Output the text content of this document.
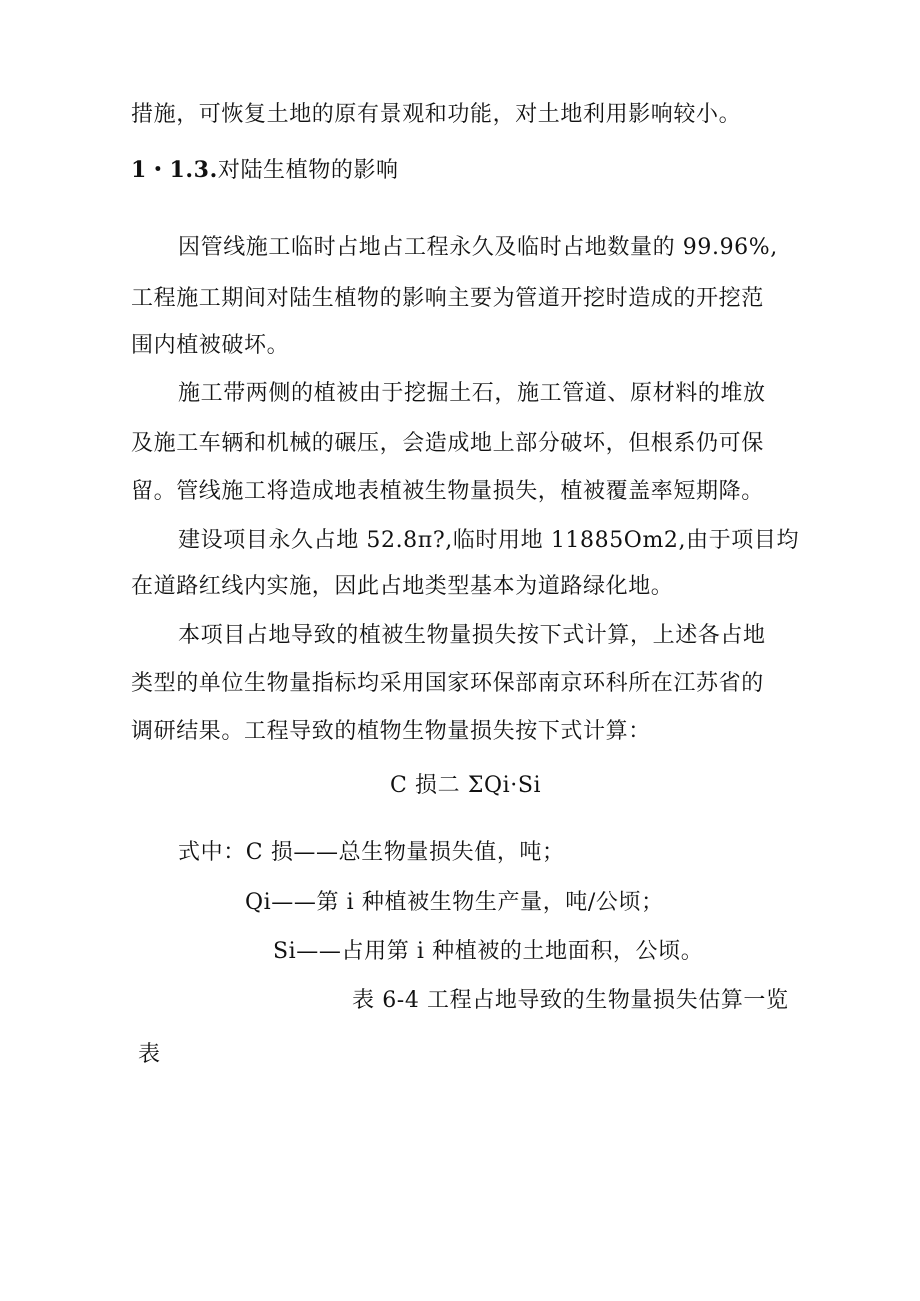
措施，可恢复土地的原有景观和功能，对土地利用影响较小。
1・1.3.对陆生植物的影响
因管线施工临时占地占工程永久及临时占地数量的 99.96%,
工程施工期间对陆生植物的影响主要为管道开挖时造成的开挖范
围内植被破坏。
施工带两侧的植被由于挖掘土石，施工管道、原材料的堆放
及施工车辆和机械的碾压，会造成地上部分破坏，但根系仍可保
留。管线施工将造成地表植被生物量损失，植被覆盖率短期降。
建设项目永久占地 52.8π?,临时用地 11885Om2,由于项目均
在道路红线内实施，因此占地类型基本为道路绿化地。
本项目占地导致的植被生物量损失按下式计算，上述各占地
类型的单位生物量指标均采用国家环保部南京环科所在江苏省的
调研结果。工程导致的植物生物量损失按下式计算：
C 损二 ΣQi·Si
式中：C 损——总生物量损失值，吨；
Qi——第 i 种植被生物生产量，吨/公顷；
Si——占用第 i 种植被的土地面积，公顷。
表 6-4 工程占地导致的生物量损失估算一览
表
